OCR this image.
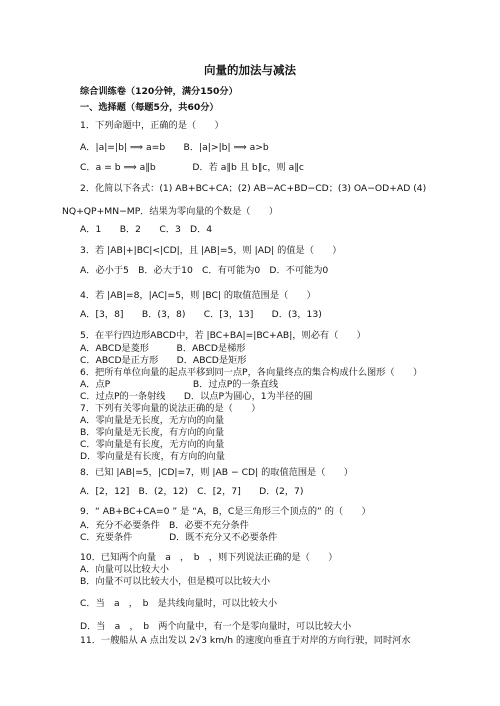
向量的加法与减法
综合训练卷（120分钟，满分150分）
一、选择题（每题5分，共60分）
1．下列命题中，正确的是（　　）
A．|a|=|b| ⟹ a=b　　B．|a|>|b| ⟹ a>b
C．a = b ⟹ a∥b　　　　D．若 a∥b 且 b∥c，则 a∥c
2．化简以下各式：(1) AB+BC+CA；(2) AB−AC+BD−CD；(3) OA−OD+AD (4)
NQ+QP+MN−MP．结果为零向量的个数是（　　）
A．1　　B．2　　C．3　D．4
3．若 |AB|+|BC|<|CD|，且 |AB|=5，则 |AD| 的值是（　　）
A．必小于5　B．必大于10　C．有可能为0　D．不可能为0
4．若 |AB|=8，|AC|=5，则 |BC| 的取值范围是（　　）
A．[3，8]　　B．(3，8)　　C．[3，13]　　D．(3，13)
5．在平行四边形ABCD中，若 |BC+BA|=|BC+AB|，则必有（　　）
A．ABCD是菱形　　　B．ABCD是梯形
C．ABCD是正方形　　D．ABCD是矩形
6．把所有单位向量的起点平移到同一点P，各向量终点的集合构成什么图形（　　）
A．点P　　　　　　　　　B．过点P的一条直线
C．过点P的一条射线　　D．以点P为圆心，1为半径的圆
7．下列有关零向量的说法正确的是（　　）
A．零向量是无长度，无方向的向量
B．零向量是无长度，有方向的向量
C．零向量是有长度，无方向的向量
D．零向量是有长度，有方向的向量
8．已知 |AB|=5，|CD|=7，则 |AB − CD| 的取值范围是（　　）
A．[2，12]　B．(2，12)　C．[2，7]　　D．(2，7)
9．“ AB+BC+CA=0 ” 是 “A，B，C是三角形三个顶点的” 的（　　）
A．充分不必要条件　B．必要不充分条件
C．充要条件　　　　D．既不充分又不必要条件
10．已知两个向量　a　，　b　，则下列说法正确的是（　　）
A．向量可以比较大小
B．向量不可以比较大小，但是模可以比较大小
C．当　a　，　b　是共线向量时，可以比较大小
D．当　a　，　b　两个向量中，有一个是零向量时，可以比较大小
11．一艘船从 A 点出发以 2√3 km/h 的速度向垂直于对岸的方向行驶，同时河水
